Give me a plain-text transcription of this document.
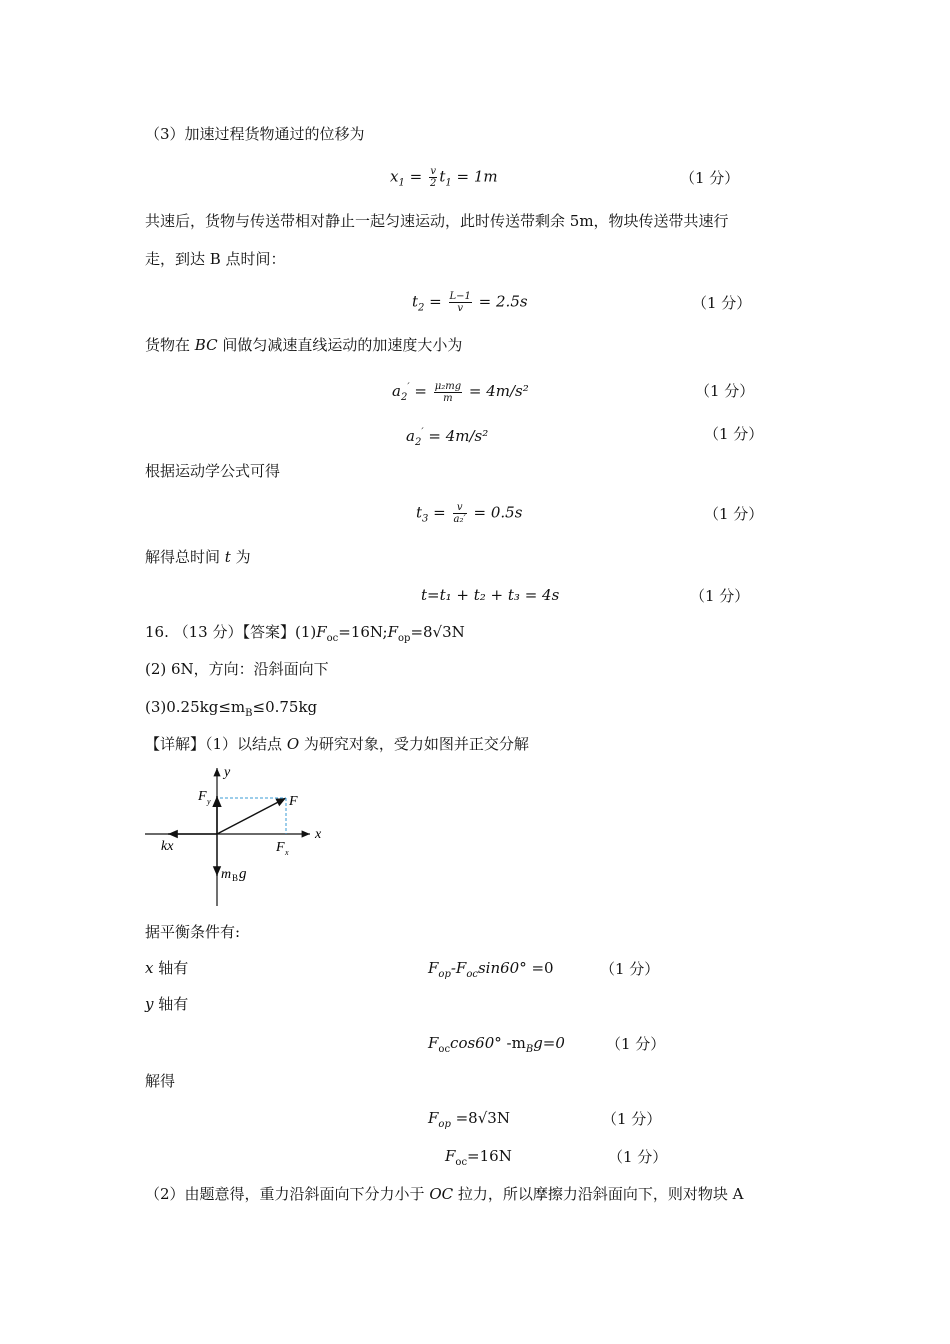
（3）加速过程货物通过的位移为
$x_1 = \frac{v}{2} t_1 = 1m$	（1 分）
共速后，货物与传送带相对静止一起匀速运动，此时传送带剩余 5m，物块传送带共速行
走，到达 B 点时间：
$t_2 = \frac{L-1}{v} = 2.5s$	（1 分）
货物在 BC 间做匀减速直线运动的加速度大小为
$a_2' = \frac{\text{μ₂mg}}{m} = 4m/s^2$	（1 分）
$a_2' = 4m/s^2$	（1 分）
根据运动学公式可得
$t_3 = \frac{v}{\text{a₂′}} = 0.5s$	（1 分）
解得总时间 t 为
t=t₁ + t₂ + t₃ = 4s	（1 分）
16. （13 分）【答案】$(1)F_{oc}=16N;F_{op}=8√3N$
(2) 6N，方向：沿斜面向下
$(3)0.25kg\le m_B\le 0.75kg$
【详解】（1）以结点 O 为研究对象，受力如图并正交分解
y
x
F y	F
kx	F x
m B g
据平衡条件有:
x 轴有	$F_{op}-F_{oc}\sin 60^\circ =0$	（1 分）
y 轴有
$F_{oc}\cos 60^\circ$ $-m_Bg=0$	（1 分）
解得
$F_{op} =8√3N$	（1 分）
$F_{oc}=16N$	（1 分）
（2）由题意得，重力沿斜面向下分力小于 OC 拉力，所以摩擦力沿斜面向下，则对物块 A
